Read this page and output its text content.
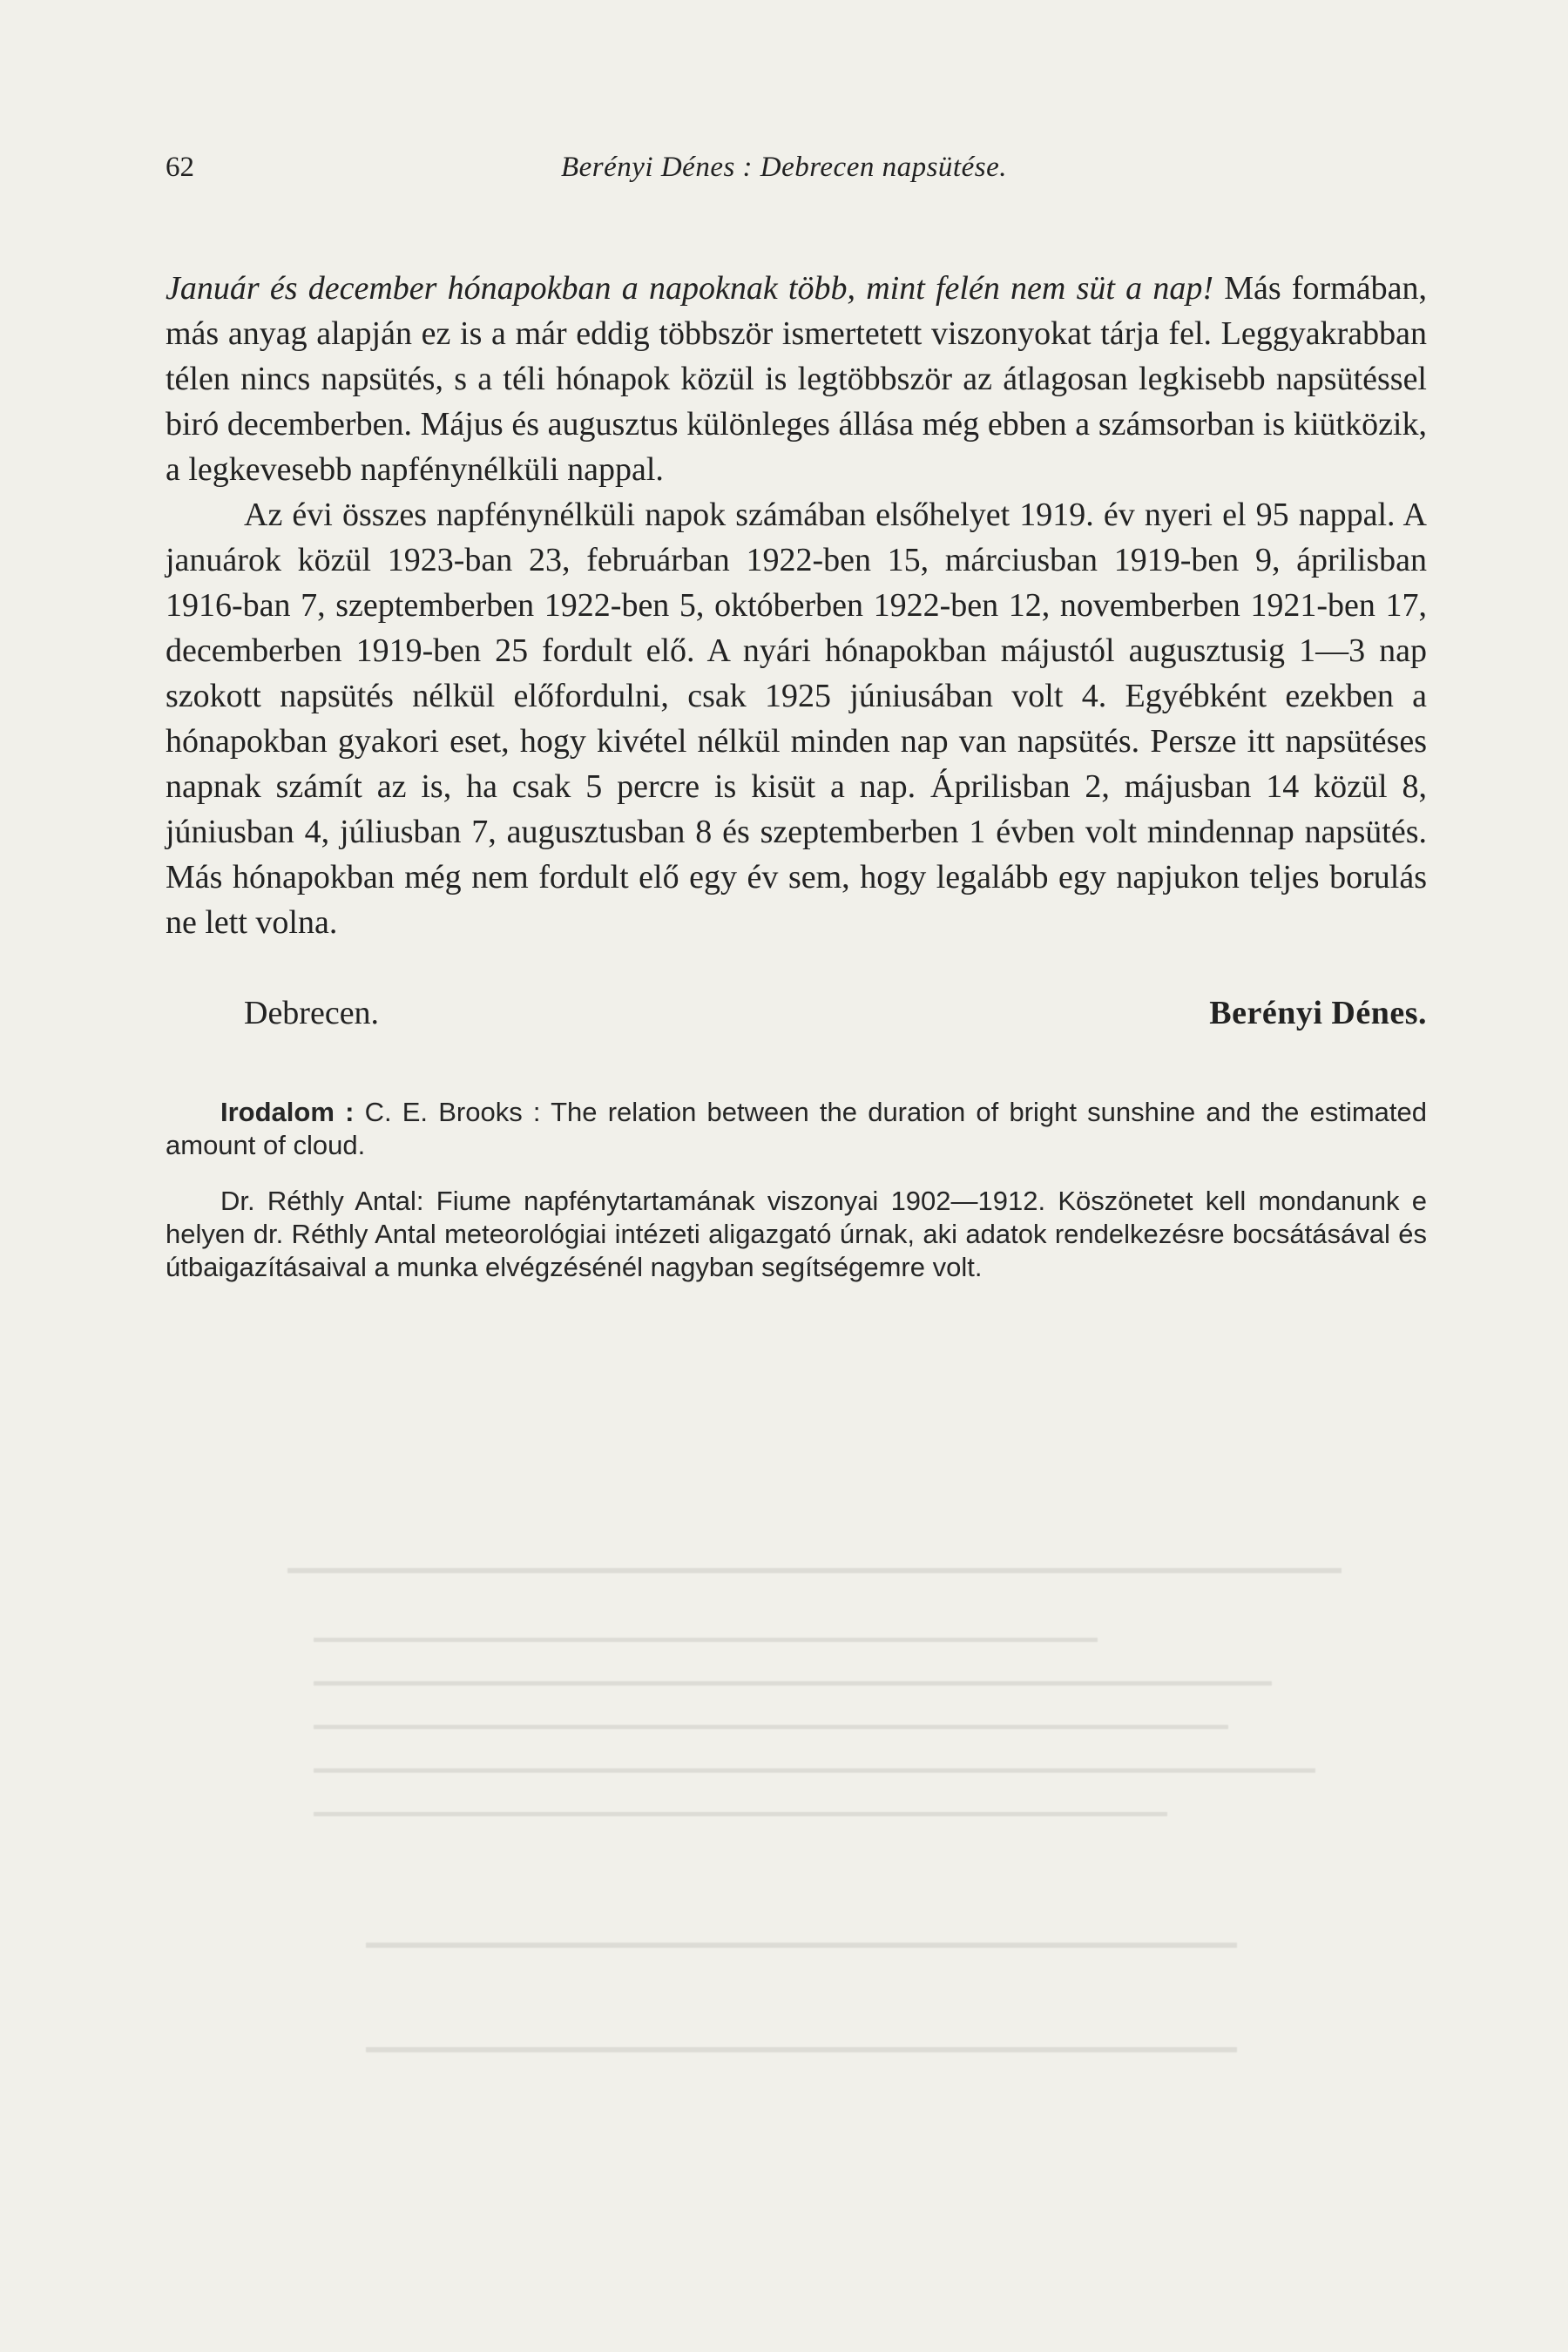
62	Berényi Dénes : Debrecen napsütése.

Január és december hónapokban a napoknak több, mint felén nem süt a nap! Más formában, más anyag alapján ez is a már eddig többször ismertetett viszonyokat tárja fel. Leggyakrabban télen nincs napsütés, s a téli hónapok közül is legtöbbször az átlagosan legkisebb napsütéssel biró decemberben. Május és augusztus különleges állása még ebben a számsorban is kiütközik, a legkevesebb napfénynélküli nappal.

Az évi összes napfénynélküli napok számában elsőhelyet 1919. év nyeri el 95 nappal. A januárok közül 1923-ban 23, februárban 1922-ben 15, márciusban 1919-ben 9, áprilisban 1916-ban 7, szeptemberben 1922-ben 5, októberben 1922-ben 12, novemberben 1921-ben 17, decemberben 1919-ben 25 fordult elő. A nyári hónapokban májustól augusztusig 1—3 nap szokott napsütés nélkül előfordulni, csak 1925 júniusában volt 4. Egyébként ezekben a hónapokban gyakori eset, hogy kivétel nélkül minden nap van napsütés. Persze itt napsütéses napnak számít az is, ha csak 5 percre is kisüt a nap. Áprilisban 2, májusban 14 közül 8, júniusban 4, júliusban 7, augusztusban 8 és szeptemberben 1 évben volt mindennap napsütés. Más hónapokban még nem fordult elő egy év sem, hogy legalább egy napjukon teljes borulás ne lett volna.

Debrecen.	Berényi Dénes.

Irodalom : C. E. Brooks : The relation between the duration of bright sunshine and the estimated amount of cloud.

Dr. Réthly Antal: Fiume napfénytartamának viszonyai 1902—1912. Köszönetet kell mondanunk e helyen dr. Réthly Antal meteorológiai intézeti aligazgató úrnak, aki adatok rendelkezésre bocsátásával és útbaigazításaival a munka elvégzésénél nagyban segítségemre volt.
